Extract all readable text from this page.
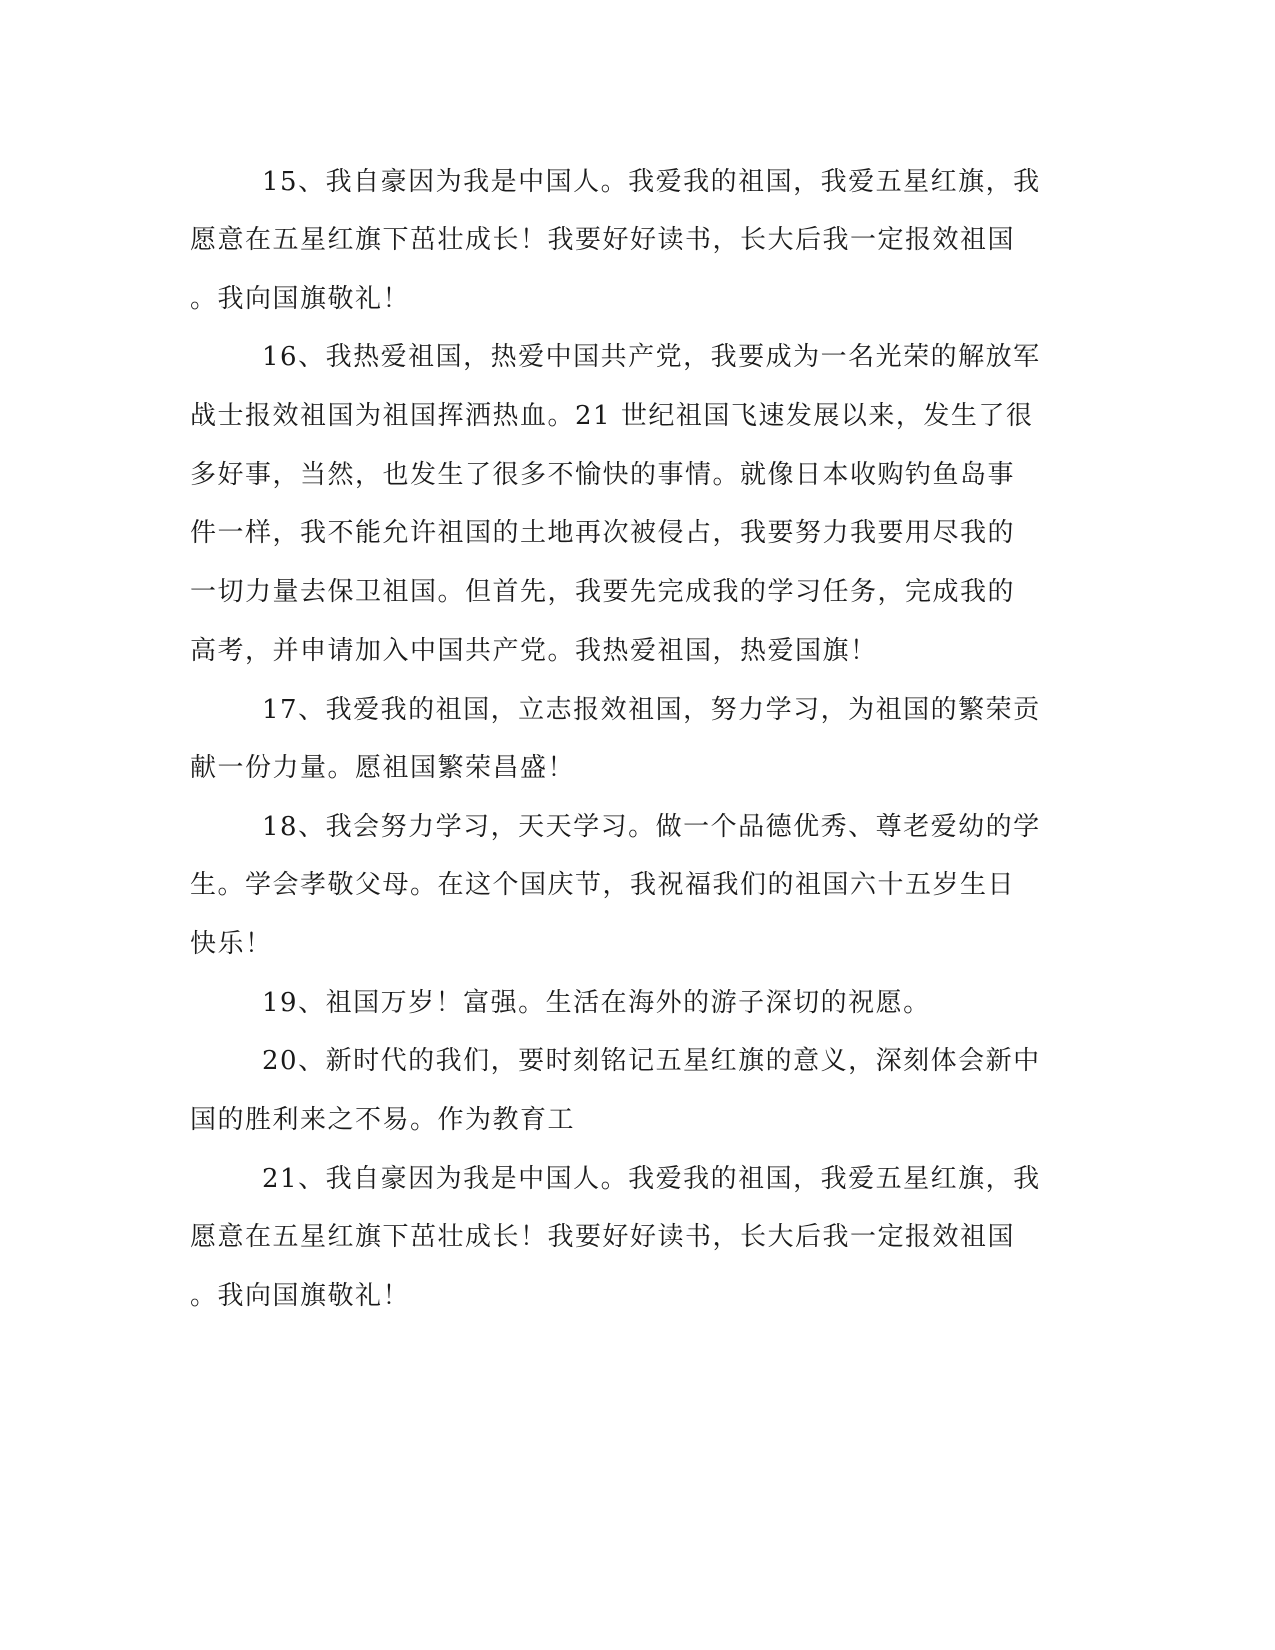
15、我自豪因为我是中国人。我爱我的祖国，我爱五星红旗，我
愿意在五星红旗下茁壮成长！我要好好读书，长大后我一定报效祖国
。我向国旗敬礼！
16、我热爱祖国，热爱中国共产党，我要成为一名光荣的解放军
战士报效祖国为祖国挥洒热血。21 世纪祖国飞速发展以来，发生了很
多好事，当然，也发生了很多不愉快的事情。就像日本收购钓鱼岛事
件一样，我不能允许祖国的土地再次被侵占，我要努力我要用尽我的
一切力量去保卫祖国。但首先，我要先完成我的学习任务，完成我的
高考，并申请加入中国共产党。我热爱祖国，热爱国旗！
17、我爱我的祖国，立志报效祖国，努力学习，为祖国的繁荣贡
献一份力量。愿祖国繁荣昌盛！
18、我会努力学习，天天学习。做一个品德优秀、尊老爱幼的学
生。学会孝敬父母。在这个国庆节，我祝福我们的祖国六十五岁生日
快乐！
19、祖国万岁！富强。生活在海外的游子深切的祝愿。
20、新时代的我们，要时刻铭记五星红旗的意义，深刻体会新中
国的胜利来之不易。作为教育工
21、我自豪因为我是中国人。我爱我的祖国，我爱五星红旗，我
愿意在五星红旗下茁壮成长！我要好好读书，长大后我一定报效祖国
。我向国旗敬礼！
